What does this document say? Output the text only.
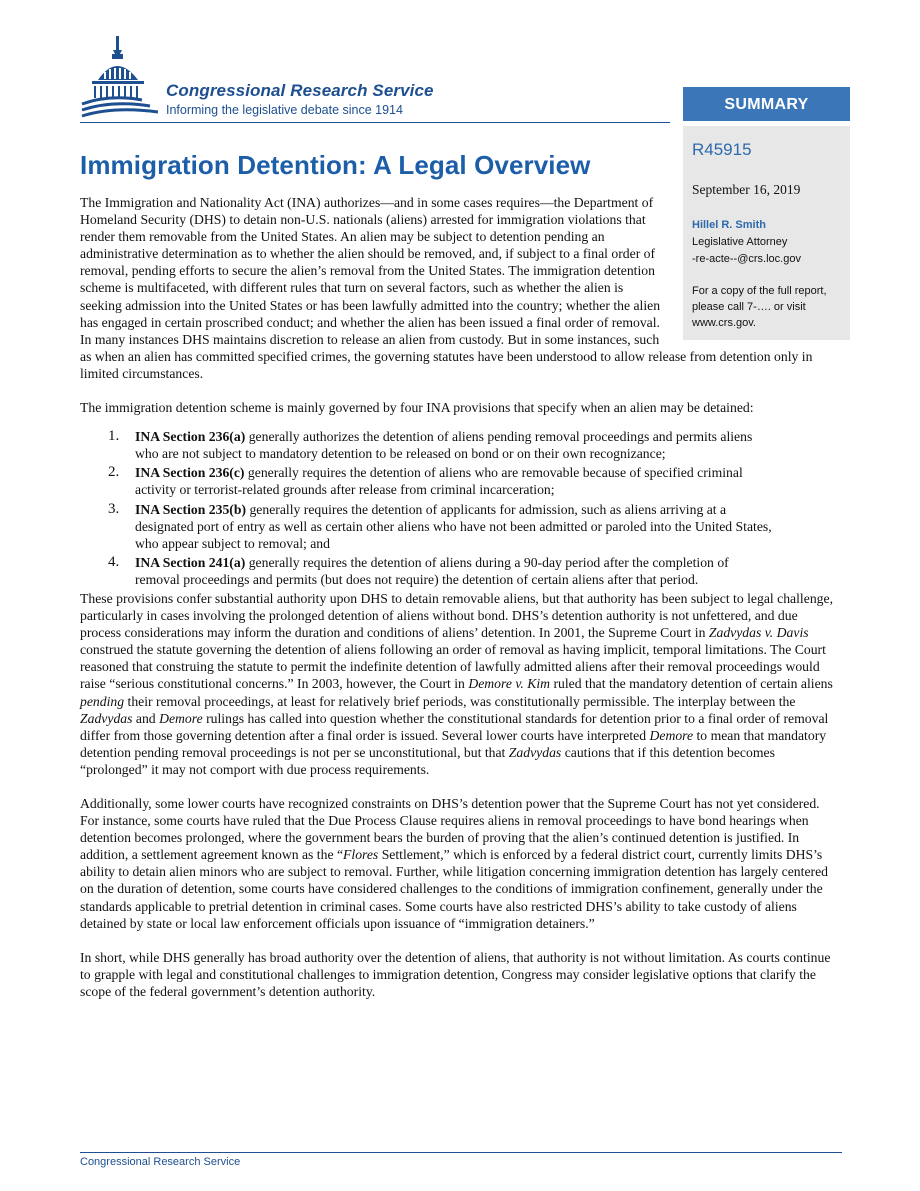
Congressional Research Service
Informing the legislative debate since 1914	SUMMARY
R45915
September 16, 2019
Hillel R. Smith
Legislative Attorney
-re-acte--@crs.loc.gov
For a copy of the full report, please call 7-…. or visit www.crs.gov.
Immigration Detention: A Legal Overview

The Immigration and Nationality Act (INA) authorizes—and in some cases requires—the Department of Homeland Security (DHS) to detain non-U.S. nationals (aliens) arrested for immigration violations that render them removable from the United States. An alien may be subject to detention pending an administrative determination as to whether the alien should be removed, and, if subject to a final order of removal, pending efforts to secure the alien’s removal from the United States. The immigration detention scheme is multifaceted, with different rules that turn on several factors, such as whether the alien is seeking admission into the United States or has been lawfully admitted into the country; whether the alien has engaged in certain proscribed conduct; and whether the alien has been issued a final order of removal. In many instances DHS maintains discretion to release an alien from custody. But in some instances, such as when an alien has committed specified crimes, the governing statutes have been understood to allow release from detention only in limited circumstances.

The immigration detention scheme is mainly governed by four INA provisions that specify when an alien may be detained:

1. INA Section 236(a) generally authorizes the detention of aliens pending removal proceedings and permits aliens who are not subject to mandatory detention to be released on bond or on their own recognizance;
2. INA Section 236(c) generally requires the detention of aliens who are removable because of specified criminal activity or terrorist-related grounds after release from criminal incarceration;
3. INA Section 235(b) generally requires the detention of applicants for admission, such as aliens arriving at a designated port of entry as well as certain other aliens who have not been admitted or paroled into the United States, who appear subject to removal; and
4. INA Section 241(a) generally requires the detention of aliens during a 90-day period after the completion of removal proceedings and permits (but does not require) the detention of certain aliens after that period.

These provisions confer substantial authority upon DHS to detain removable aliens, but that authority has been subject to legal challenge, particularly in cases involving the prolonged detention of aliens without bond. DHS’s detention authority is not unfettered, and due process considerations may inform the duration and conditions of aliens’ detention. In 2001, the Supreme Court in Zadvydas v. Davis construed the statute governing the detention of aliens following an order of removal as having implicit, temporal limitations. The Court reasoned that construing the statute to permit the indefinite detention of lawfully admitted aliens after their removal proceedings would raise “serious constitutional concerns.” In 2003, however, the Court in Demore v. Kim ruled that the mandatory detention of certain aliens pending their removal proceedings, at least for relatively brief periods, was constitutionally permissible. The interplay between the Zadvydas and Demore rulings has called into question whether the constitutional standards for detention prior to a final order of removal differ from those governing detention after a final order is issued. Several lower courts have interpreted Demore to mean that mandatory detention pending removal proceedings is not per se unconstitutional, but that Zadvydas cautions that if this detention becomes “prolonged” it may not comport with due process requirements.

Additionally, some lower courts have recognized constraints on DHS’s detention power that the Supreme Court has not yet considered. For instance, some courts have ruled that the Due Process Clause requires aliens in removal proceedings to have bond hearings when detention becomes prolonged, where the government bears the burden of proving that the alien’s continued detention is justified. In addition, a settlement agreement known as the “Flores Settlement,” which is enforced by a federal district court, currently limits DHS’s ability to detain alien minors who are subject to removal. Further, while litigation concerning immigration detention has largely centered on the duration of detention, some courts have considered challenges to the conditions of immigration confinement, generally under the standards applicable to pretrial detention in criminal cases. Some courts have also restricted DHS’s ability to take custody of aliens detained by state or local law enforcement officials upon issuance of “immigration detainers.”

In short, while DHS generally has broad authority over the detention of aliens, that authority is not without limitation. As courts continue to grapple with legal and constitutional challenges to immigration detention, Congress may consider legislative options that clarify the scope of the federal government’s detention authority.

Congressional Research Service
